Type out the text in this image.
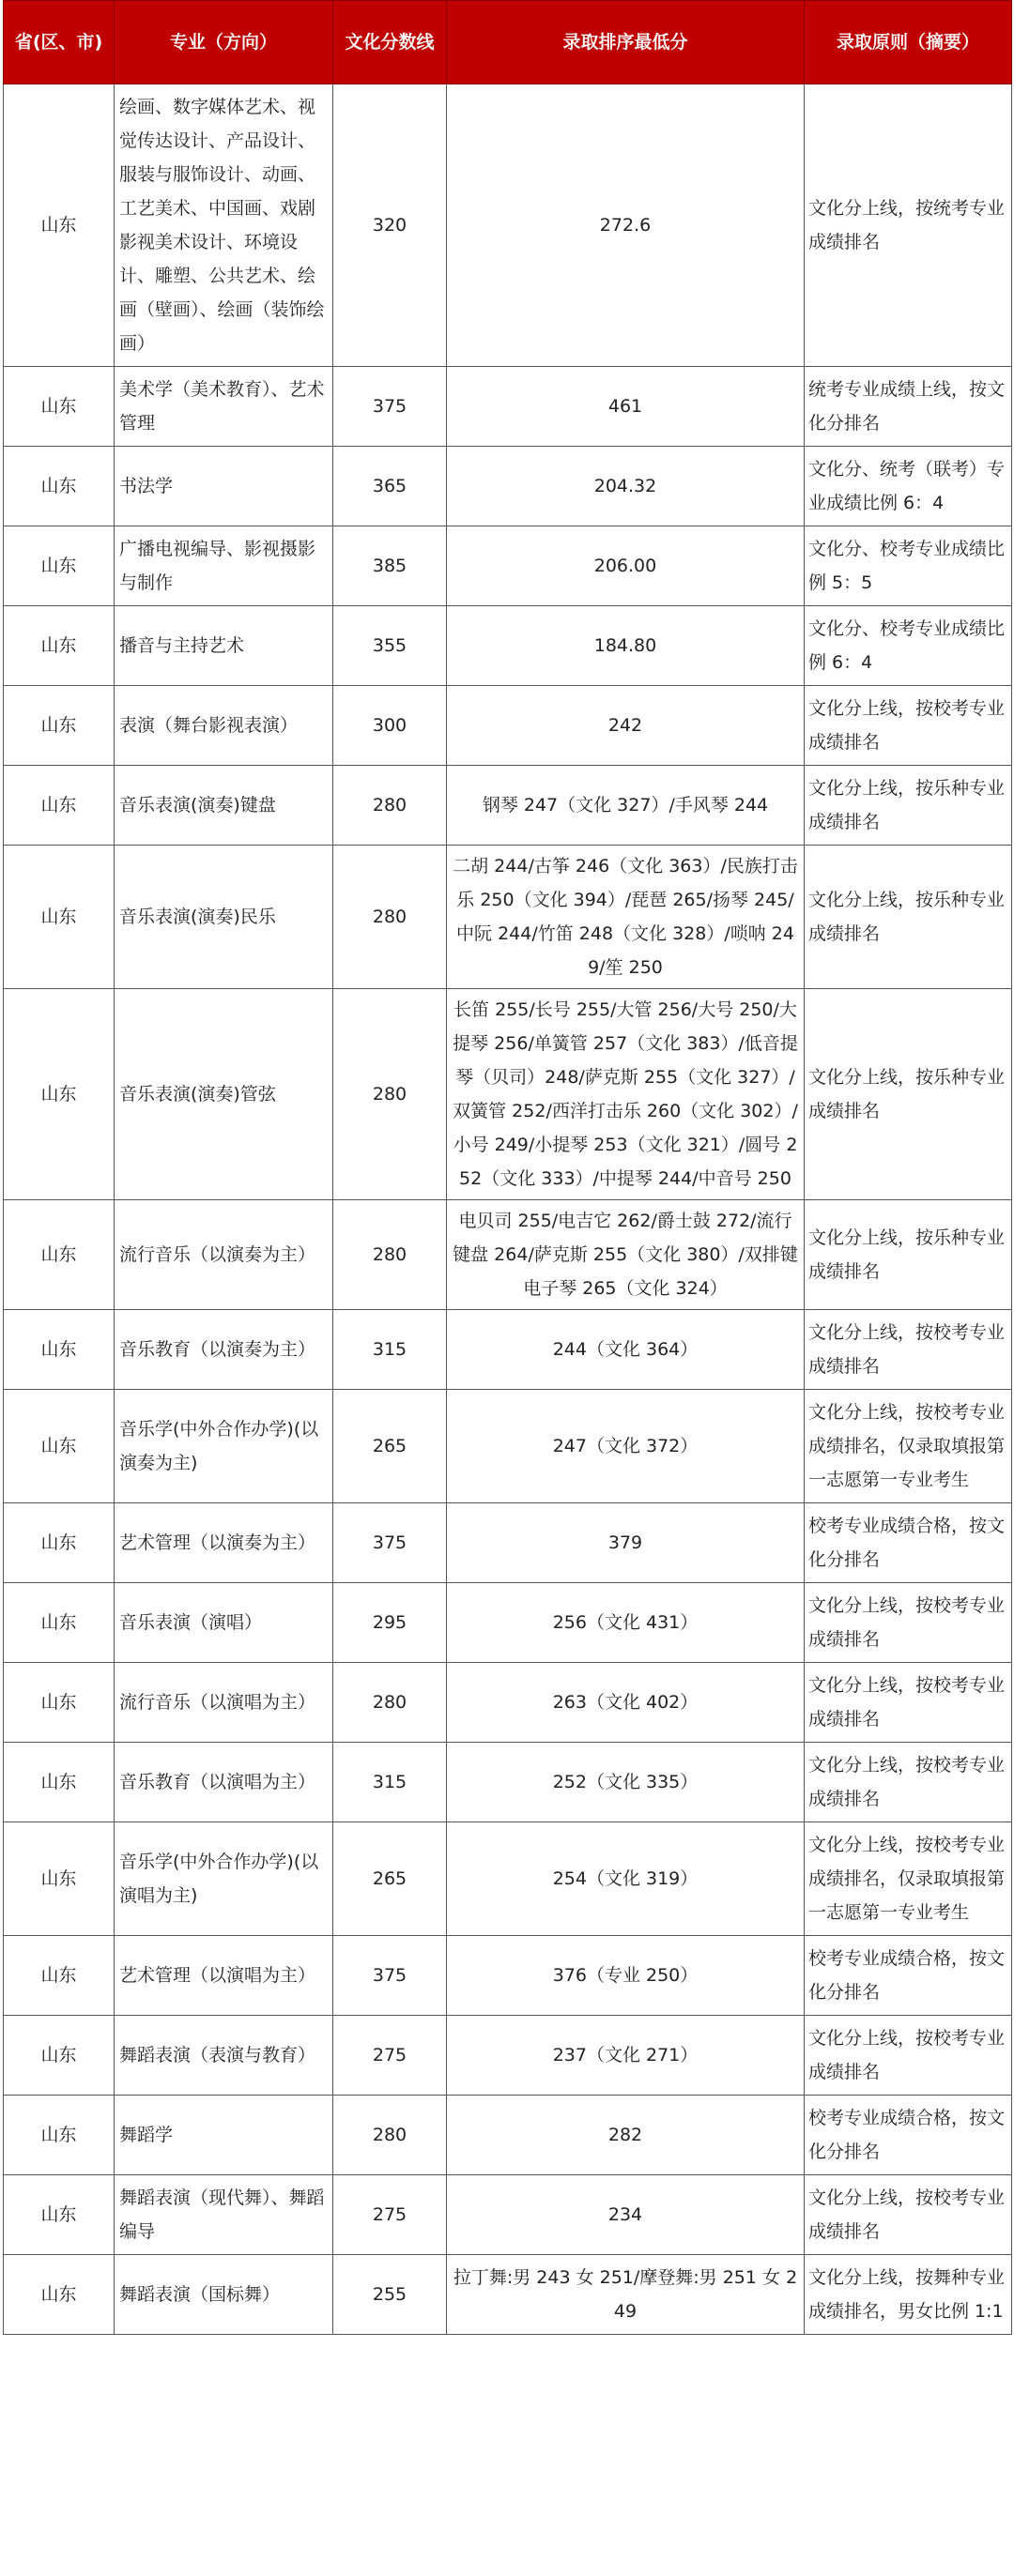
省(区、市)	专业（方向）	文化分数线	录取排序最低分	录取原则（摘要）
山东	绘画、数字媒体艺术、视觉传达设计、产品设计、服装与服饰设计、动画、工艺美术、中国画、戏剧影视美术设计、环境设计、雕塑、公共艺术、绘画（壁画）、绘画（装饰绘画）	320	272.6	文化分上线，按统考专业成绩排名
山东	美术学（美术教育）、艺术管理	375	461	统考专业成绩上线，按文化分排名
山东	书法学	365	204.32	文化分、统考（联考）专业成绩比例 6：4
山东	广播电视编导、影视摄影与制作	385	206.00	文化分、校考专业成绩比例 5：5
山东	播音与主持艺术	355	184.80	文化分、校考专业成绩比例 6：4
山东	表演（舞台影视表演）	300	242	文化分上线，按校考专业成绩排名
山东	音乐表演(演奏)键盘	280	钢琴 247（文化 327）/手风琴 244	文化分上线，按乐种专业成绩排名
山东	音乐表演(演奏)民乐	280	二胡 244/古筝 246（文化 363）/民族打击乐 250（文化 394）/琵琶 265/扬琴 245/中阮 244/竹笛 248（文化 328）/唢呐 249/笙 250	文化分上线，按乐种专业成绩排名
山东	音乐表演(演奏)管弦	280	长笛 255/长号 255/大管 256/大号 250/大提琴 256/单簧管 257（文化 383）/低音提琴（贝司）248/萨克斯 255（文化 327）/双簧管 252/西洋打击乐 260（文化 302）/小号 249/小提琴 253（文化 321）/圆号 252（文化 333）/中提琴 244/中音号 250	文化分上线，按乐种专业成绩排名
山东	流行音乐（以演奏为主）	280	电贝司 255/电吉它 262/爵士鼓 272/流行键盘 264/萨克斯 255（文化 380）/双排键电子琴 265（文化 324）	文化分上线，按乐种专业成绩排名
山东	音乐教育（以演奏为主）	315	244（文化 364）	文化分上线，按校考专业成绩排名
山东	音乐学(中外合作办学)(以演奏为主)	265	247（文化 372）	文化分上线，按校考专业成绩排名，仅录取填报第一志愿第一专业考生
山东	艺术管理（以演奏为主）	375	379	校考专业成绩合格，按文化分排名
山东	音乐表演（演唱）	295	256（文化 431）	文化分上线，按校考专业成绩排名
山东	流行音乐（以演唱为主）	280	263（文化 402）	文化分上线，按校考专业成绩排名
山东	音乐教育（以演唱为主）	315	252（文化 335）	文化分上线，按校考专业成绩排名
山东	音乐学(中外合作办学)(以演唱为主)	265	254（文化 319）	文化分上线，按校考专业成绩排名，仅录取填报第一志愿第一专业考生
山东	艺术管理（以演唱为主）	375	376（专业 250）	校考专业成绩合格，按文化分排名
山东	舞蹈表演（表演与教育）	275	237（文化 271）	文化分上线，按校考专业成绩排名
山东	舞蹈学	280	282	校考专业成绩合格，按文化分排名
山东	舞蹈表演（现代舞）、舞蹈编导	275	234	文化分上线，按校考专业成绩排名
山东	舞蹈表演（国标舞）	255	拉丁舞:男 243 女 251/摩登舞:男 251 女 249	文化分上线，按舞种专业成绩排名，男女比例 1:1
